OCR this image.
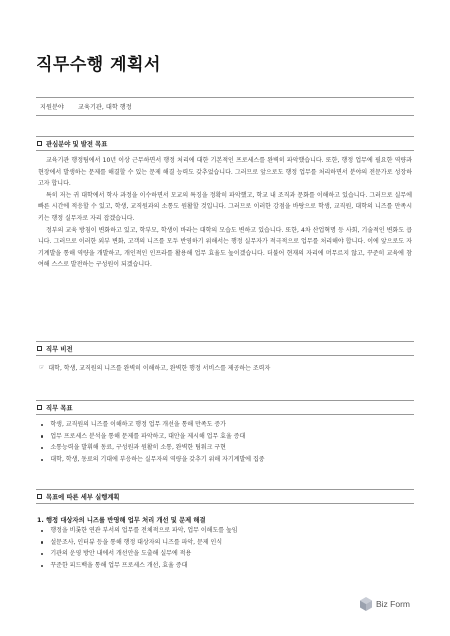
직무수행 계획서
지원분야	교육기관, 대학 행정
관심분야 및 발전 목표

교육기관 행정팀에서 10년 이상 근무하면서 행정 처리에 대한 기본적인 프로세스를 완벽히 파악했습니다. 또한, 행정 업무에 필요한 역량과 현장에서 발생하는 문제를 해결할 수 있는 문제 해결 능력도 갖추었습니다. 그러므로 앞으로도 행정 업무를 처리하면서 분야의 전문가로 성장하고자 합니다.

특히 저는 귀 대학에서 학사 과정을 이수하면서 모교의 특징을 정확히 파악했고, 학교 내 조직과 문화를 이해하고 있습니다. 그러므로 실무에 빠른 시간에 적응할 수 있고, 학생, 교직원과의 소통도 원활할 것입니다. 그러므로 이러한 강점을 바탕으로 학생, 교직원, 대학의 니즈를 만족시키는 행정 실무자로 자리 잡겠습니다.

정부의 교육 방침이 변화하고 있고, 학부모, 학생이 바라는 대학의 모습도 변하고 있습니다. 또한, 4차 산업혁명 등 사회, 기술적인 변화도 큽니다. 그러므로 이러한 외부 변화, 고객의 니즈를 모두 반영하기 위해서는 행정 실무자가 적극적으로 업무를 처리해야 합니다. 이에 앞으로도 자기계발을 통해 역량을 개발하고, 개인적인 인프라를 활용해 업무 효율도 높이겠습니다. 더불어 현재의 자리에 머무르지 않고, 꾸준히 교육에 참여해 스스로 발전하는 구성원이 되겠습니다.

직무 비전
☞ 대학, 학생, 교직원의 니즈를 완벽히 이해하고, 완벽한 행정 서비스를 제공하는 조력자
직무 목표
학생, 교직원의 니즈를 이해하고 행정 업무 개선을 통해 만족도 증가
업무 프로세스 분석을 통해 문제를 파악하고, 대안을 제시해 업무 효율 증대
소통능력을 발휘해 동료, 구성원과 원활히 소통, 완벽한 팀워크 구현
대학, 학생, 동료의 기대에 부응하는 실무자의 역량을 갖추기 위해 자기계발에 집중
목표에 따른 세부 실행계획
1. 행정 대상자의 니즈를 반영해 업무 처리 개선 및 문제 해결
행정을 비롯한 연관 부서의 업무를 전체적으로 파악, 업무 이해도를 높임
설문조사, 인터뷰 등을 통해 행정 대상자의 니즈를 파악, 문제 인식
기관의 운영 방안 내에서 개선안을 도출해 실무에 적용
꾸준한 피드백을 통해 업무 프로세스 개선, 효율 증대
Biz Form
